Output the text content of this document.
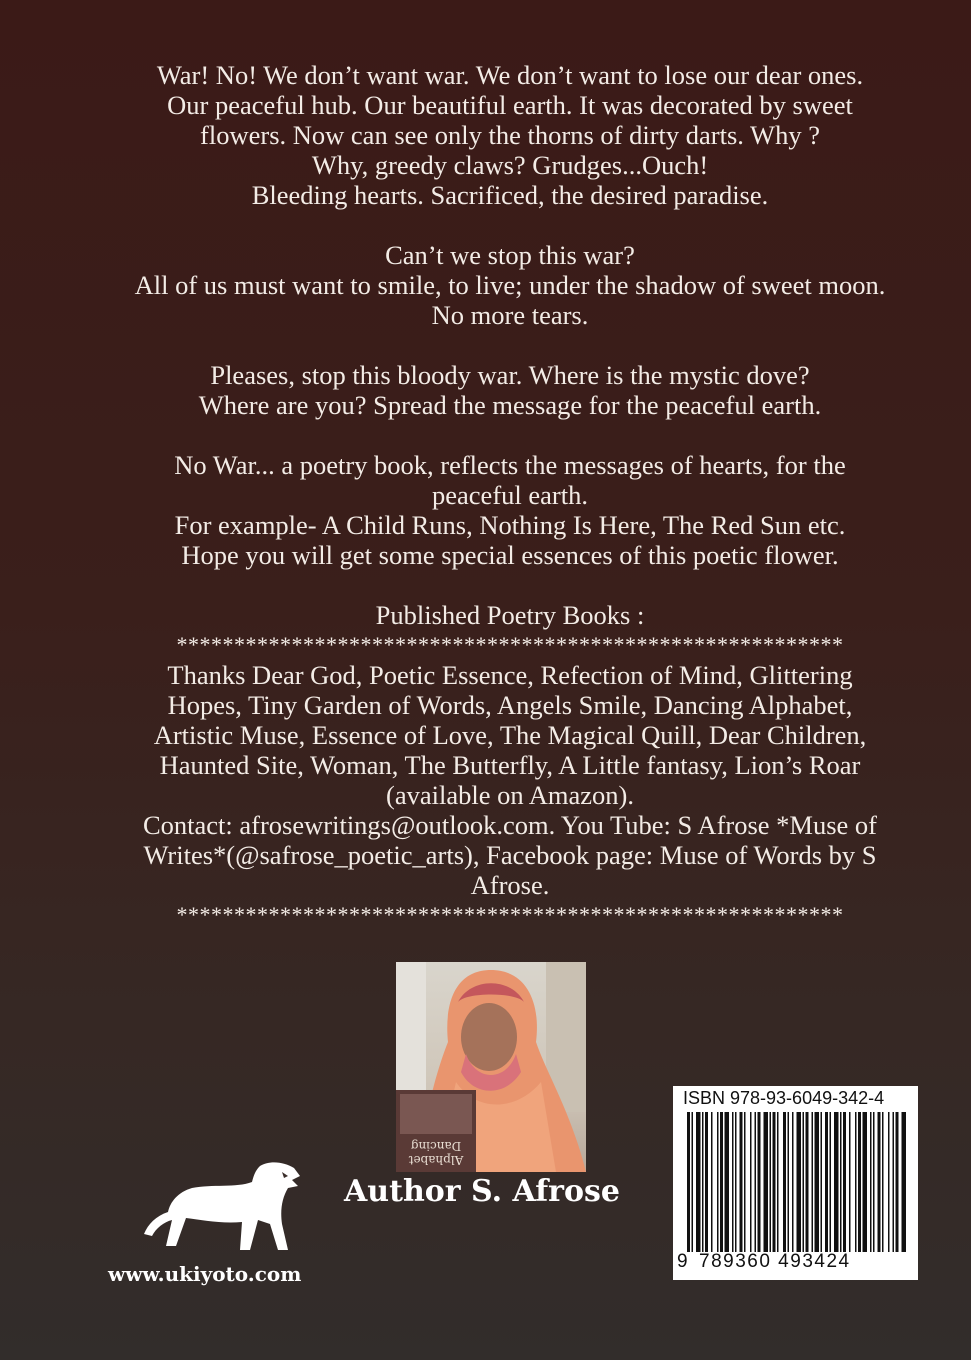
War! No! We don’t want war. We don’t want to lose our dear ones.
Our peaceful hub. Our beautiful earth. It was decorated by sweet
flowers. Now can see only the thorns of dirty darts. Why ?
Why, greedy claws? Grudges...Ouch!
Bleeding hearts. Sacrificed, the desired paradise.
Can’t we stop this war?
All of us must want to smile, to live; under the shadow of sweet moon.
No more tears.
Pleases, stop this bloody war. Where is the mystic dove?
Where are you? Spread the message for the peaceful earth.
No War... a poetry book, reflects the messages of hearts, for the
peaceful earth.
For example- A Child Runs, Nothing Is Here, The Red Sun etc.
Hope you will get some special essences of this poetic flower.
Published Poetry Books :
**********************************************************
Thanks Dear God, Poetic Essence, Refection of Mind, Glittering
Hopes, Tiny Garden of Words, Angels Smile, Dancing Alphabet,
Artistic Muse, Essence of Love, The Magical Quill, Dear Children,
Haunted Site, Woman, The Butterfly, A Little fantasy, Lion’s Roar
(available on Amazon).
Contact: afrosewritings@outlook.com. You Tube: S Afrose *Muse of
Writes*(@safrose_poetic_arts), Facebook page: Muse of Words by S
Afrose.
**********************************************************
Dancing
Alphabet
Author S. Afrose
www.ukiyoto.com
ISBN 978-93-6049-342-4
9 789360 493424
